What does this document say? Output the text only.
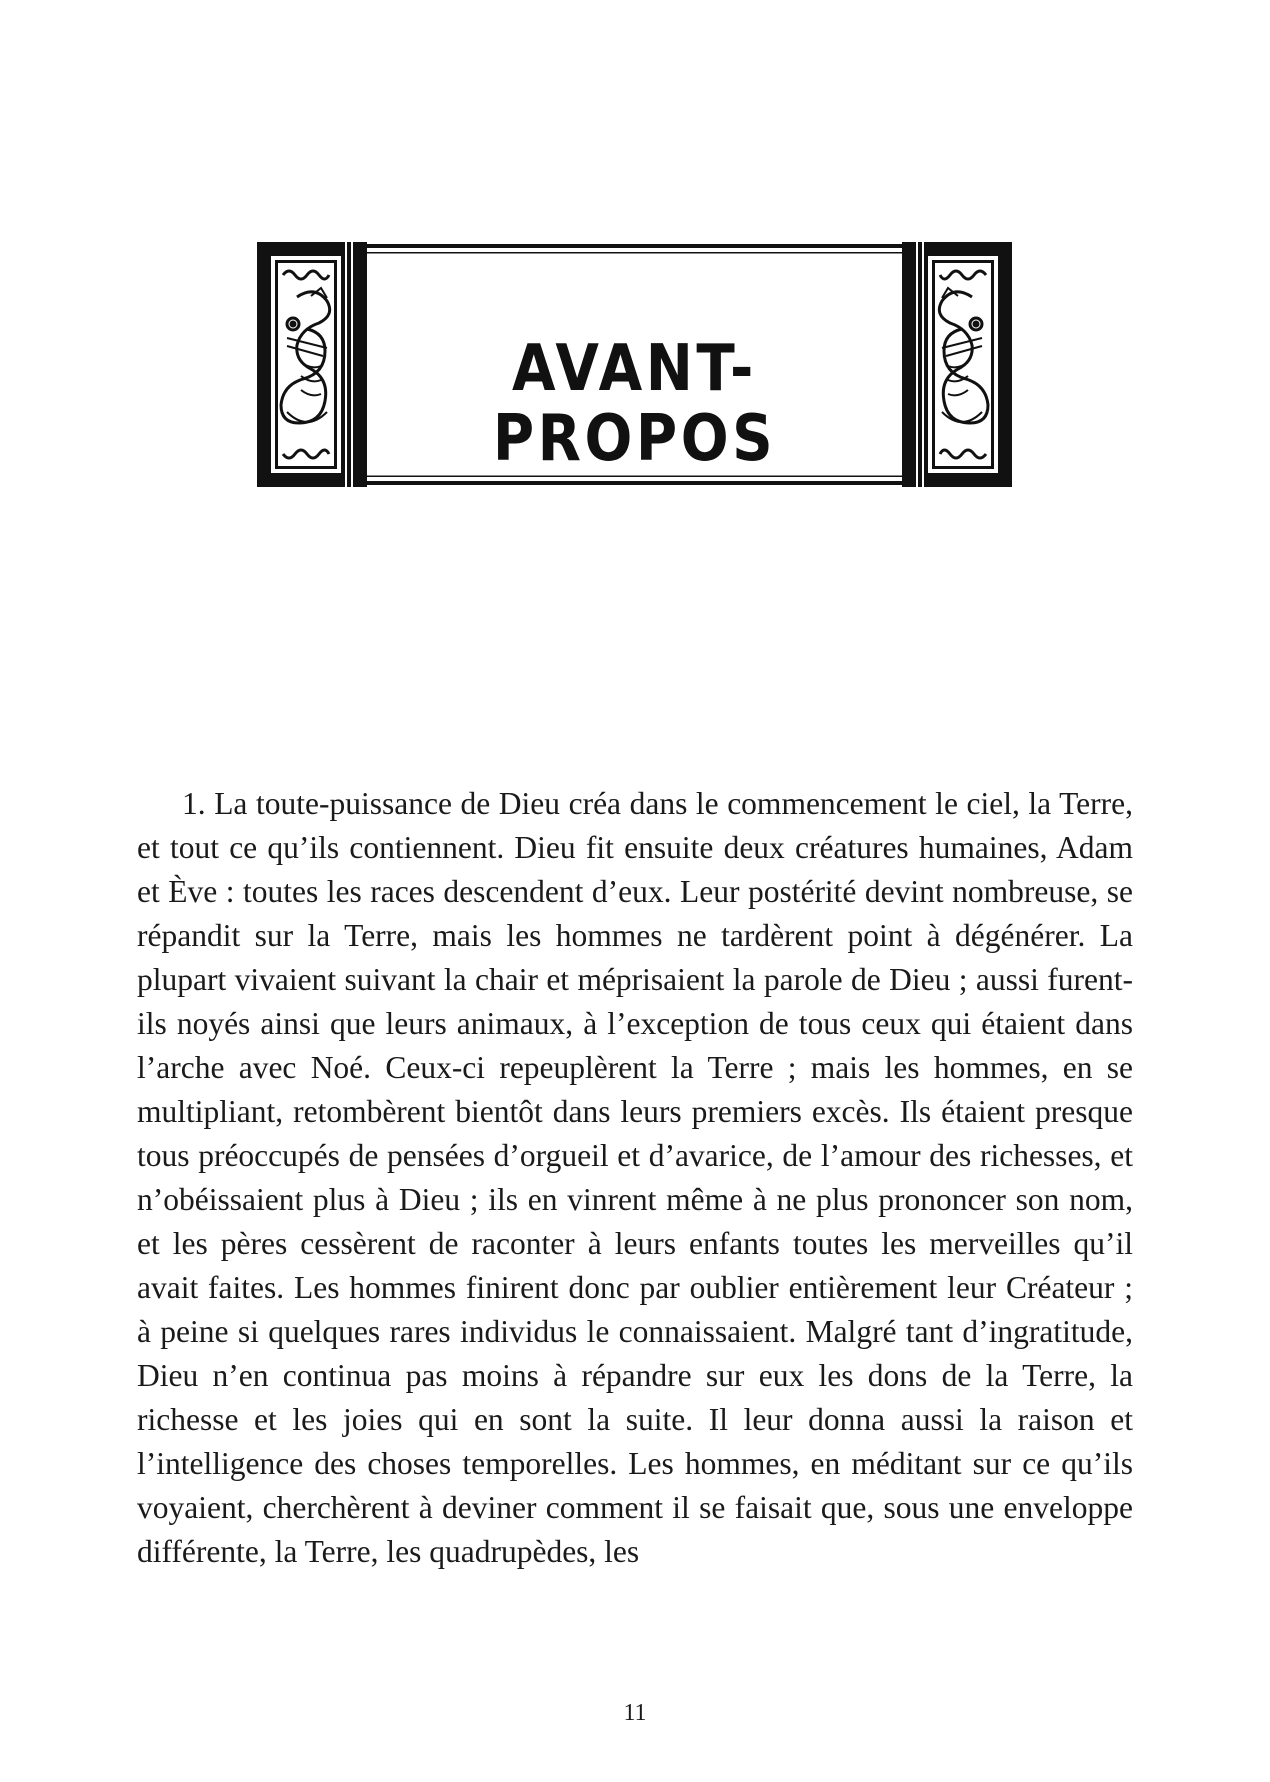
AVANT-PROPOS

1. La toute-puissance de Dieu créa dans le commencement le ciel, la Terre, et tout ce qu’ils contiennent. Dieu fit ensuite deux créatures humaines, Adam et Ève : toutes les races descendent d’eux. Leur postérité devint nombreuse, se répandit sur la Terre, mais les hommes ne tardèrent point à dégénérer. La plupart vivaient suivant la chair et méprisaient la parole de Dieu ; aussi furent-ils noyés ainsi que leurs animaux, à l’exception de tous ceux qui étaient dans l’arche avec Noé. Ceux-ci repeuplèrent la Terre ; mais les hommes, en se multipliant, retombèrent bientôt dans leurs premiers excès. Ils étaient presque tous préoccupés de pensées d’orgueil et d’avarice, de l’amour des richesses, et n’obéissaient plus à Dieu ; ils en vinrent même à ne plus prononcer son nom, et les pères cessèrent de raconter à leurs enfants toutes les merveilles qu’il avait faites. Les hommes finirent donc par oublier entièrement leur Créateur ; à peine si quelques rares individus le connaissaient. Malgré tant d’ingratitude, Dieu n’en continua pas moins à répandre sur eux les dons de la Terre, la richesse et les joies qui en sont la suite. Il leur donna aussi la raison et l’intelligence des choses temporelles. Les hommes, en méditant sur ce qu’ils voyaient, cherchèrent à deviner comment il se faisait que, sous une enveloppe différente, la Terre, les quadrupèdes, les

11
